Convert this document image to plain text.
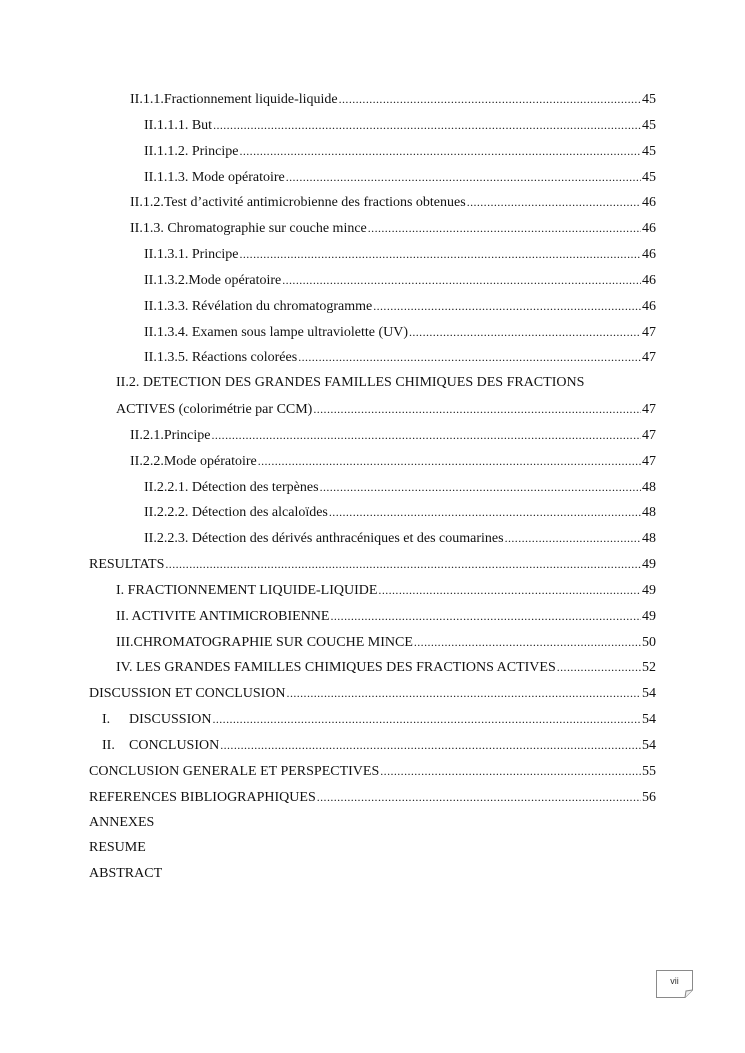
II.1.1.Fractionnement liquide-liquide .....	45
II.1.1.1. But .....	45
II.1.1.2. Principe .....	45
II.1.1.3. Mode opératoire .....	45
II.1.2.Test d’activité antimicrobienne des fractions obtenues .....	46
II.1.3. Chromatographie sur couche mince .....	46
II.1.3.1. Principe .....	46
II.1.3.2.Mode opératoire .....	46
II.1.3.3. Révélation du chromatogramme .....	46
II.1.3.4. Examen sous lampe ultraviolette (UV) .....	47
II.1.3.5. Réactions colorées .....	47
II.2. DETECTION DES GRANDES FAMILLES CHIMIQUES DES FRACTIONS
ACTIVES (colorimétrie par CCM) .....	47
II.2.1.Principe .....	47
II.2.2.Mode opératoire .....	47
II.2.2.1. Détection des terpènes .....	48
II.2.2.2. Détection des alcaloïdes .....	48
II.2.2.3. Détection des dérivés anthracéniques et des coumarines .....	48
RESULTATS .....	49
I. FRACTIONNEMENT LIQUIDE-LIQUIDE .....	49
II. ACTIVITE ANTIMICROBIENNE .....	49
III.CHROMATOGRAPHIE SUR COUCHE MINCE .....	50
IV. LES GRANDES FAMILLES CHIMIQUES DES FRACTIONS ACTIVES .....	52
DISCUSSION ET CONCLUSION .....	54
I. DISCUSSION .....	54
II. CONCLUSION .....	54
CONCLUSION GENERALE ET PERSPECTIVES .....	55
REFERENCES BIBLIOGRAPHIQUES .....	56
ANNEXES
RESUME
ABSTRACT
vii
